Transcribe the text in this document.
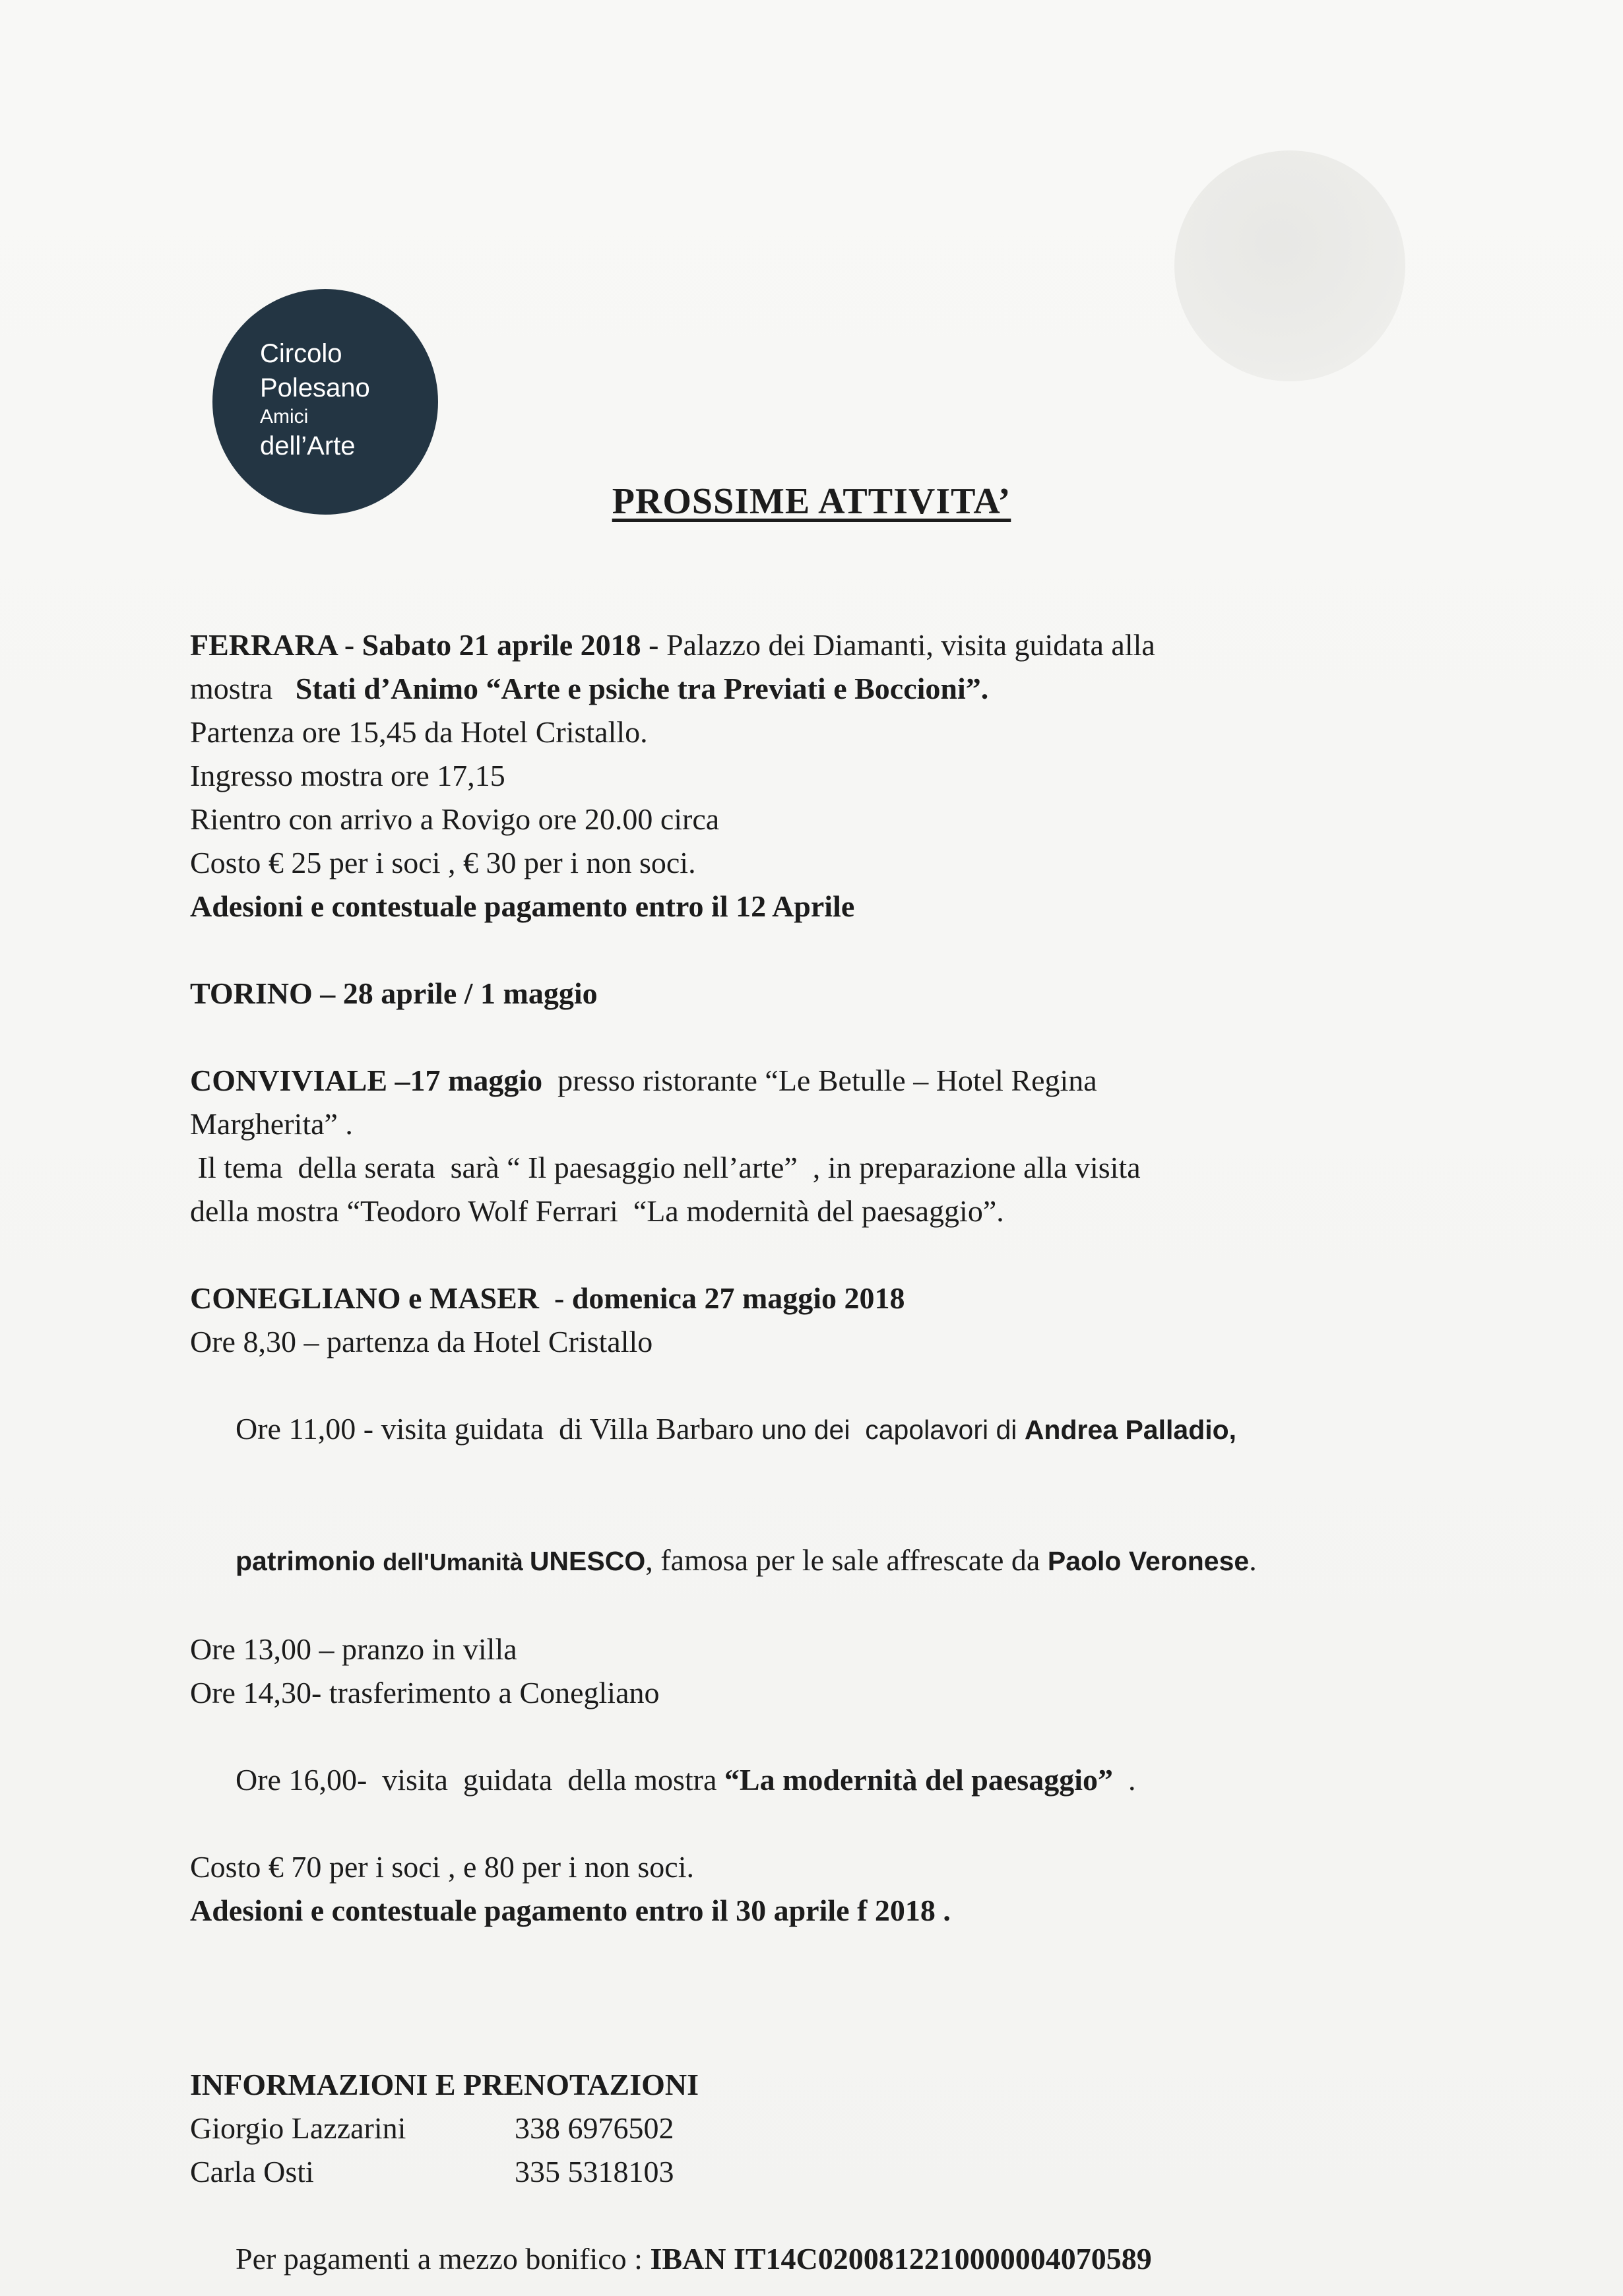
Circolo
Polesano
Amici
dell’Arte
PROSSIME ATTIVITA’
FERRARA - Sabato 21 aprile 2018 - Palazzo dei Diamanti, visita guidata alla
mostra   Stati d’Animo “Arte e psiche tra Previati e Boccioni”.
Partenza ore 15,45 da Hotel Cristallo.
Ingresso mostra ore 17,15
Rientro con arrivo a Rovigo ore 20.00 circa
Costo € 25 per i soci , € 30 per i non soci.
Adesioni e contestuale pagamento entro il 12 Aprile
TORINO – 28 aprile / 1 maggio
CONVIVIALE –17 maggio  presso ristorante “Le Betulle – Hotel Regina
Margherita” .
Il tema  della serata  sarà “ Il paesaggio nell’arte”  , in preparazione alla visita
della mostra “Teodoro Wolf Ferrari  “La modernità del paesaggio”.
CONEGLIANO e MASER  - domenica 27 maggio 2018
Ore 8,30 – partenza da Hotel Cristallo

Ore 11,00 - visita guidata  di Villa Barbaro uno dei  capolavori di Andrea Palladio,

patrimonio dell'Umanità UNESCO, famosa per le sale affrescate da Paolo Veronese.

Ore 13,00 – pranzo in villa
Ore 14,30- trasferimento a Conegliano

Ore 16,00-  visita  guidata  della mostra “La modernità del paesaggio”  .

Costo € 70 per i soci , e 80 per i non soci.
Adesioni e contestuale pagamento entro il 30 aprile f 2018 .
INFORMAZIONI E PRENOTAZIONI
Giorgio Lazzarini	338 6976502
Carla Osti	335 5318103

Per pagamenti a mezzo bonifico : IBAN IT14C0200812210000004070589
